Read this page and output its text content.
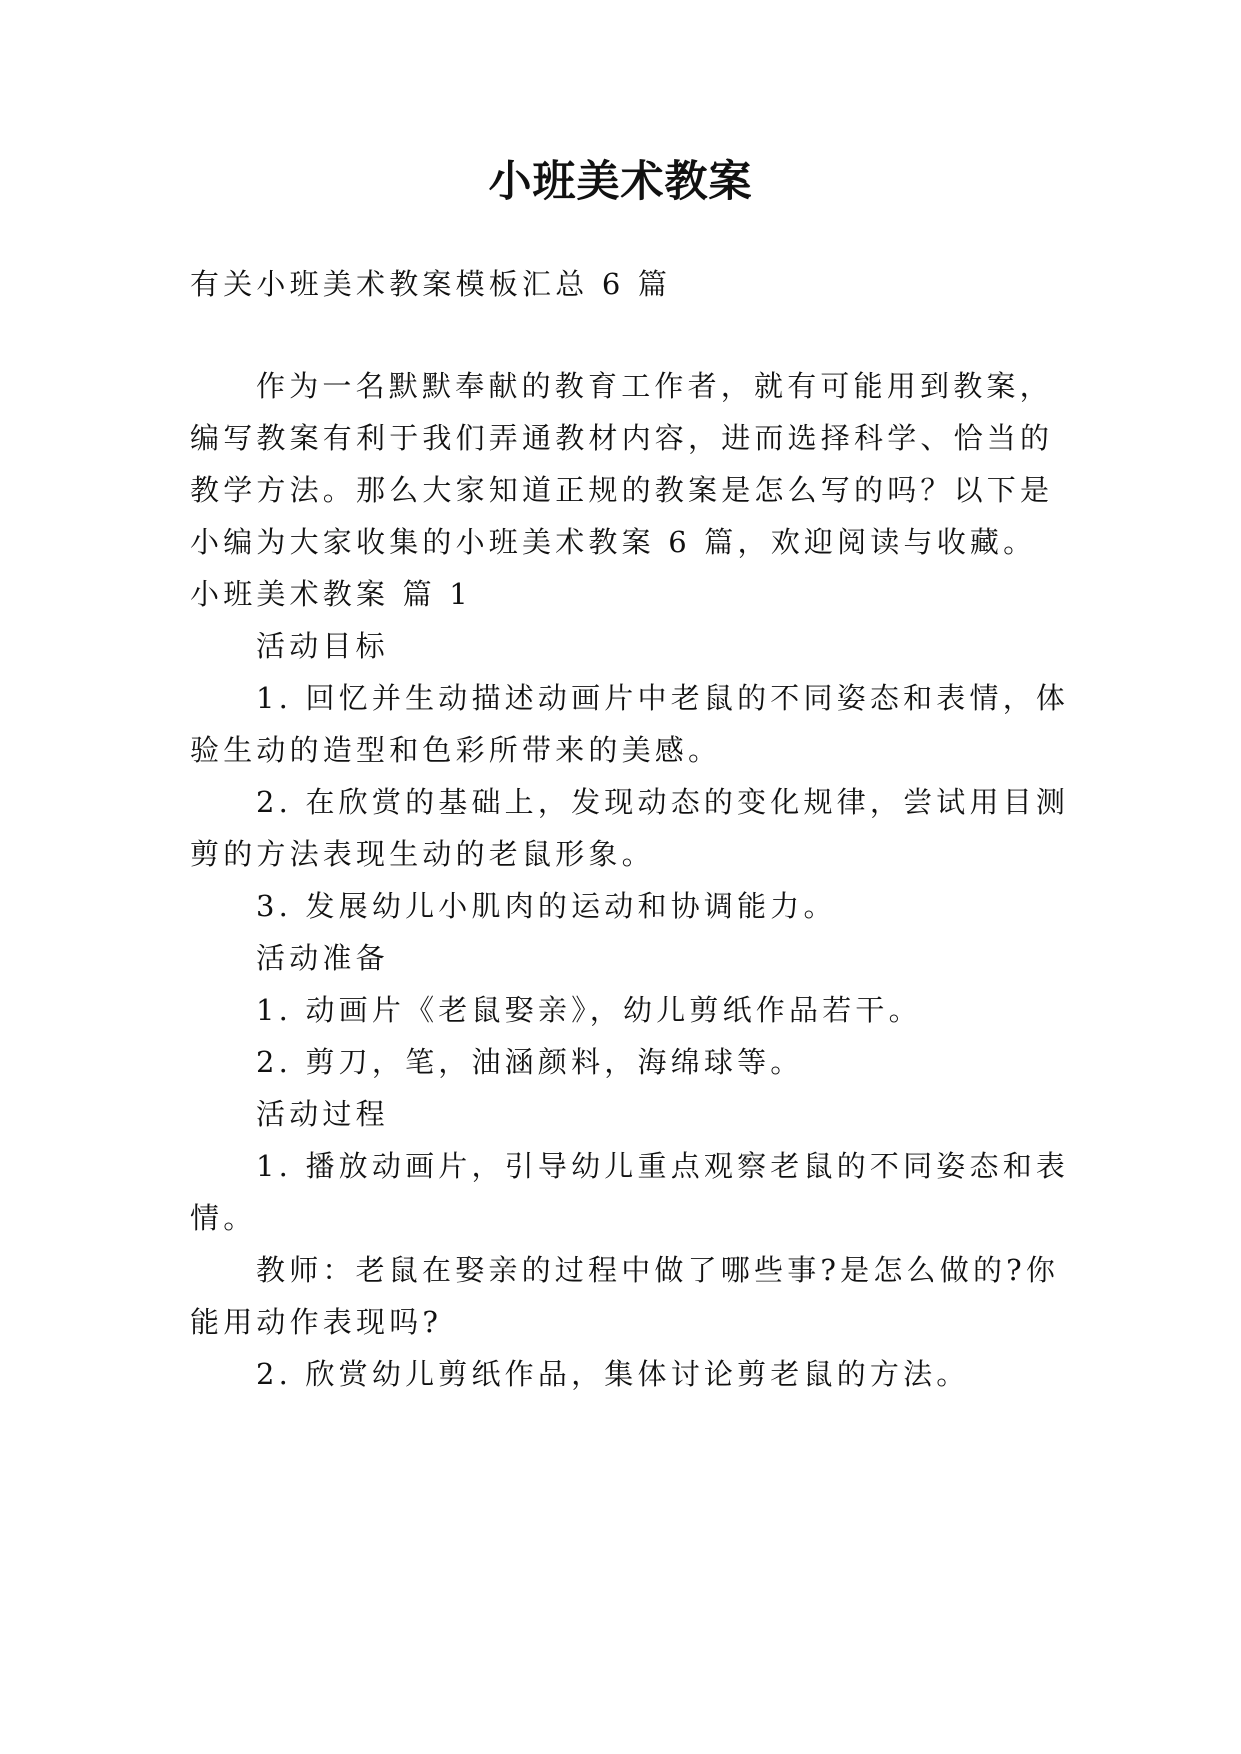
小班美术教案
有关小班美术教案模板汇总 6 篇
作为一名默默奉献的教育工作者，就有可能用到教案，
编写教案有利于我们弄通教材内容，进而选择科学、恰当的
教学方法。那么大家知道正规的教案是怎么写的吗？以下是
小编为大家收集的小班美术教案 6 篇，欢迎阅读与收藏。
小班美术教案 篇 1
活动目标
1. 回忆并生动描述动画片中老鼠的不同姿态和表情，体
验生动的造型和色彩所带来的美感。
2. 在欣赏的基础上，发现动态的变化规律，尝试用目测
剪的方法表现生动的老鼠形象。
3. 发展幼儿小肌肉的运动和协调能力。
活动准备
1. 动画片《老鼠娶亲》，幼儿剪纸作品若干。
2. 剪刀，笔，油涵颜料，海绵球等。
活动过程
1. 播放动画片，引导幼儿重点观察老鼠的不同姿态和表
情。
教师：老鼠在娶亲的过程中做了哪些事?是怎么做的?你
能用动作表现吗?
2. 欣赏幼儿剪纸作品，集体讨论剪老鼠的方法。
